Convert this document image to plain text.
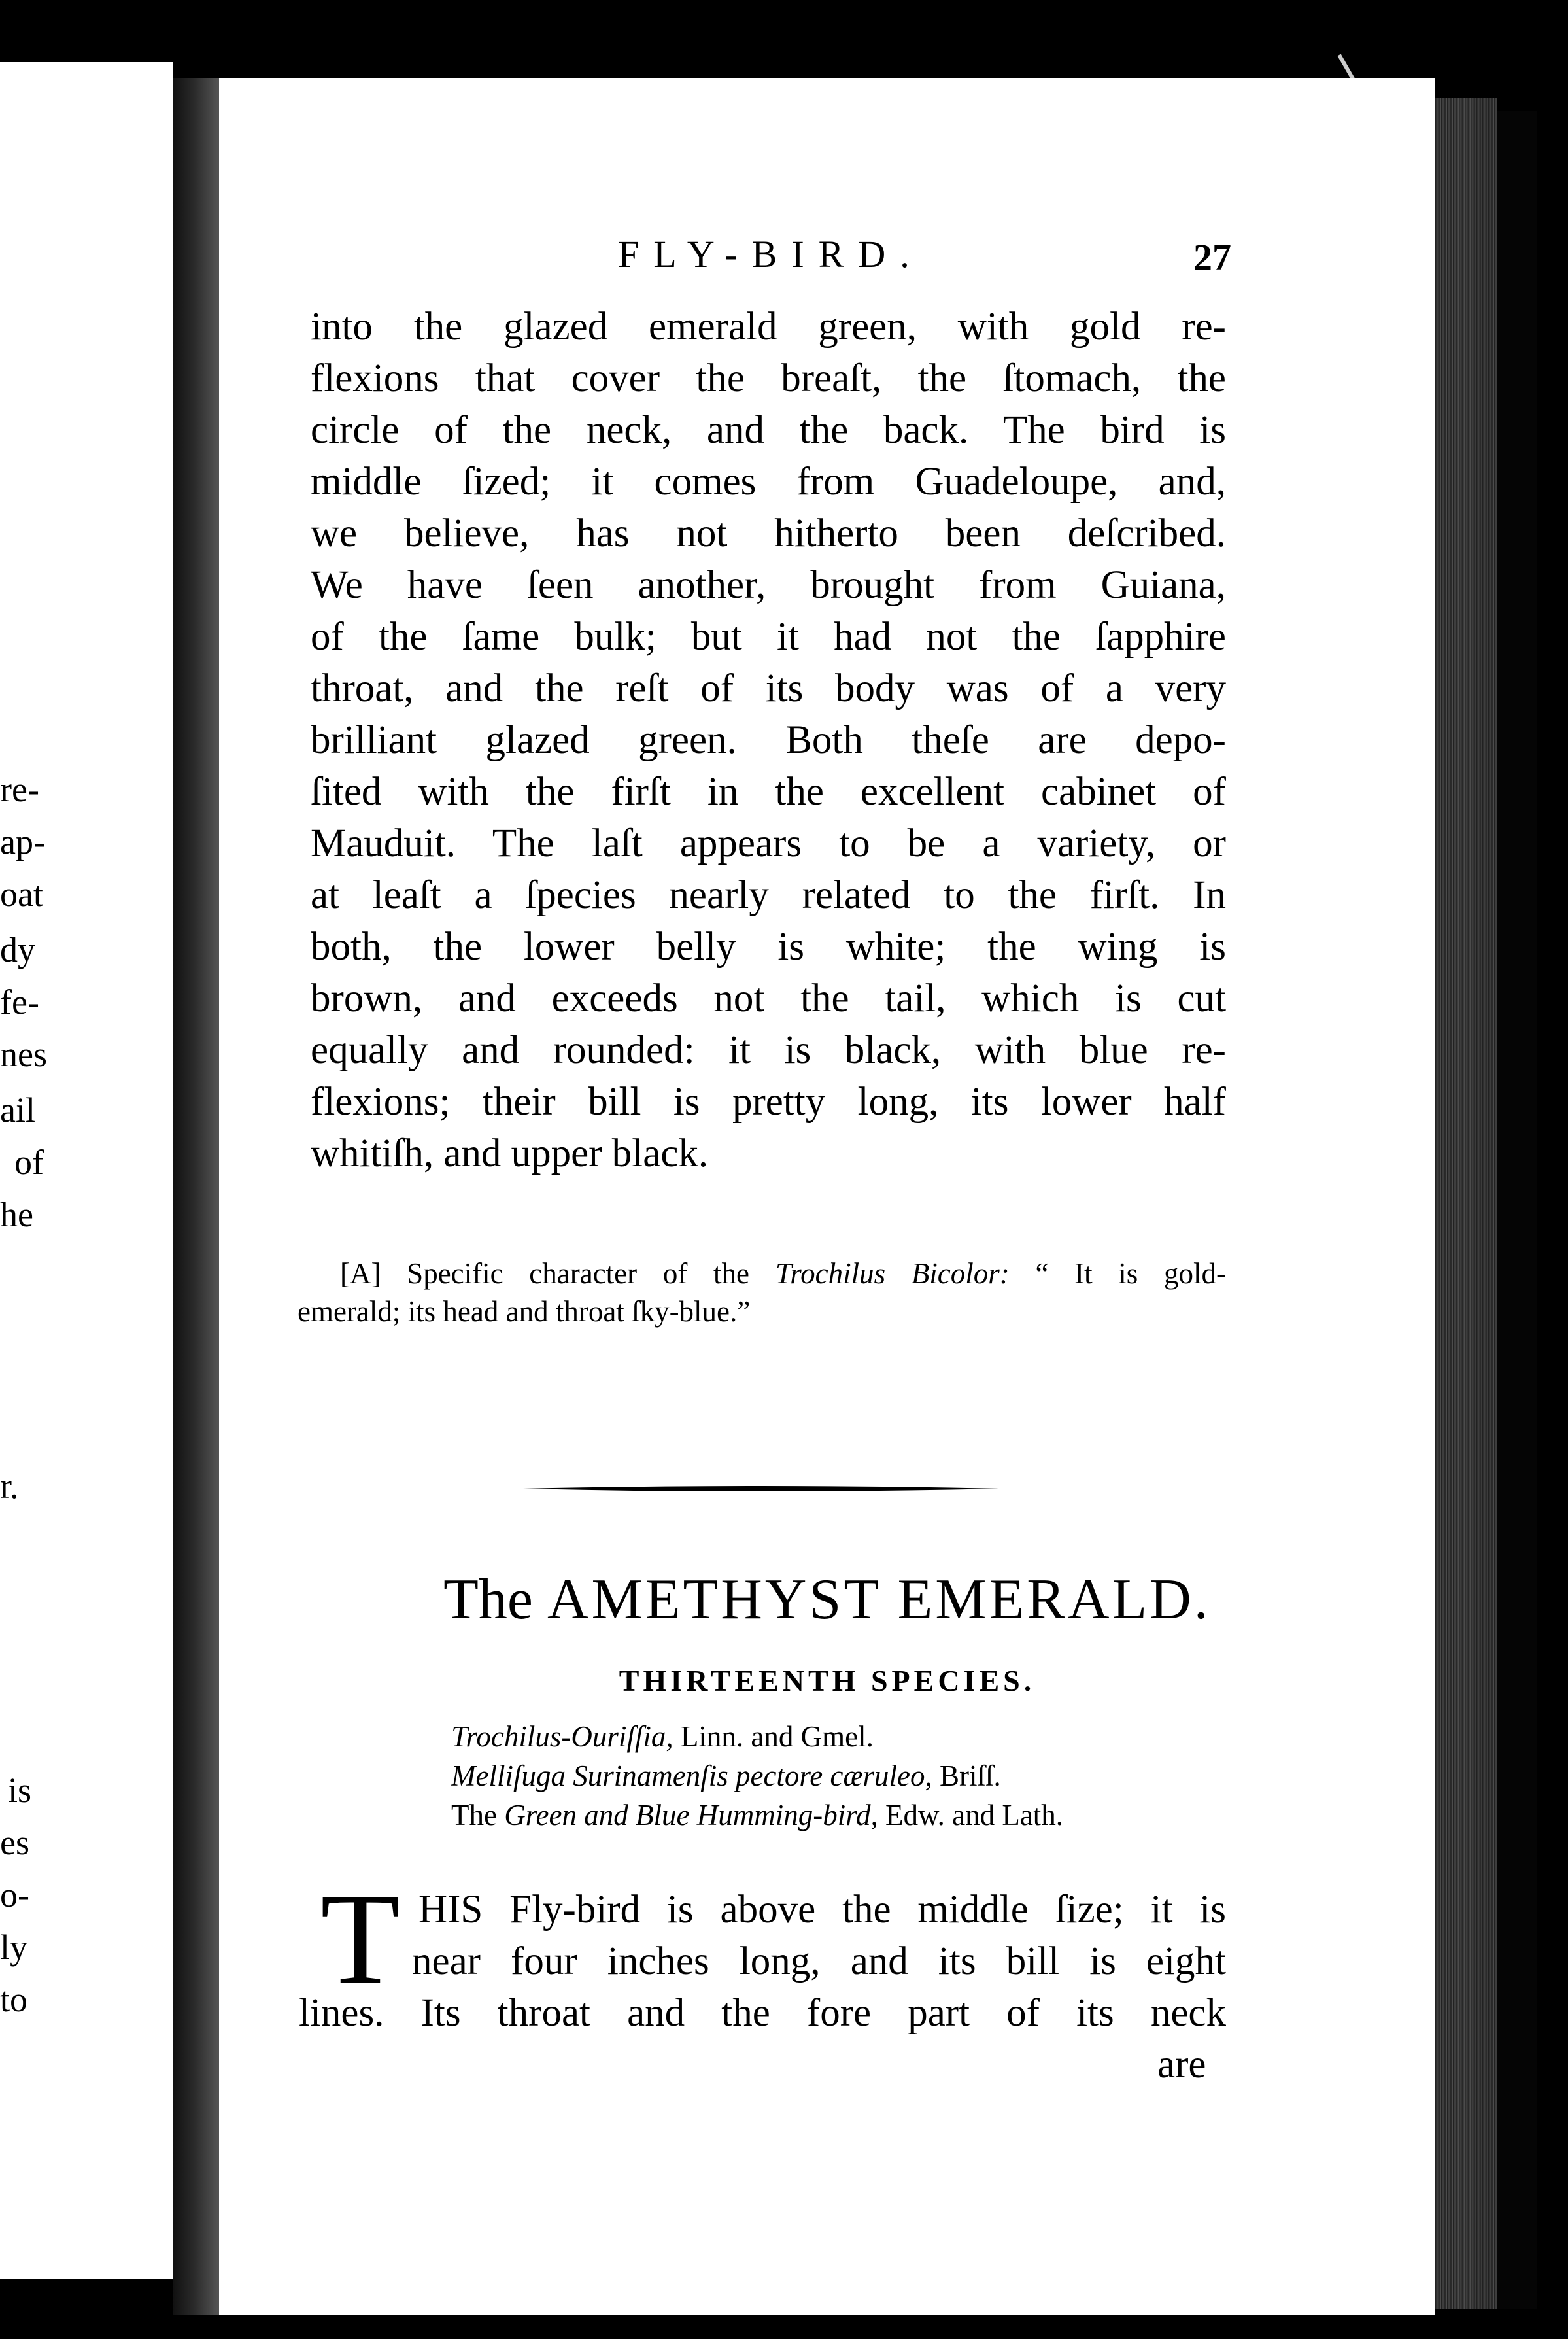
re-
ap-
oat
dy
fe-
nes
ail
of
he
r.
is
es
o-
ly
to
FLY-BIRD.	27
into the glazed emerald green, with gold re-
flexions that cover the breaſt, the ſtomach, the
circle of the neck, and the back. The bird is
middle ſized; it comes from Guadeloupe, and,
we believe, has not hitherto been deſcribed.
We have ſeen another, brought from Guiana,
of the ſame bulk; but it had not the ſapphire
throat, and the reſt of its body was of a very
brilliant glazed green. Both theſe are depo-
ſited with the firſt in the excellent cabinet of
Mauduit. The laſt appears to be a variety, or
at leaſt a ſpecies nearly related to the firſt. In
both, the lower belly is white; the wing is
brown, and exceeds not the tail, which is cut
equally and rounded: it is black, with blue re-
flexions; their bill is pretty long, its lower half
whitiſh, and upper black.
[A] Specific character of the Trochilus Bicolor: “ It is gold-
emerald; its head and throat ſky-blue.”
The AMETHYST EMERALD.
THIRTEENTH SPECIES.
Trochilus-Ouriſſia, Linn. and Gmel.
Melliſuga Surinamenſis pectore cæruleo, Briſſ.
The Green and Blue Humming-bird, Edw. and Lath.
T HIS Fly-bird is above the middle ſize; it is
near four inches long, and its bill is eight
lines. Its throat and the fore part of its neck
are
